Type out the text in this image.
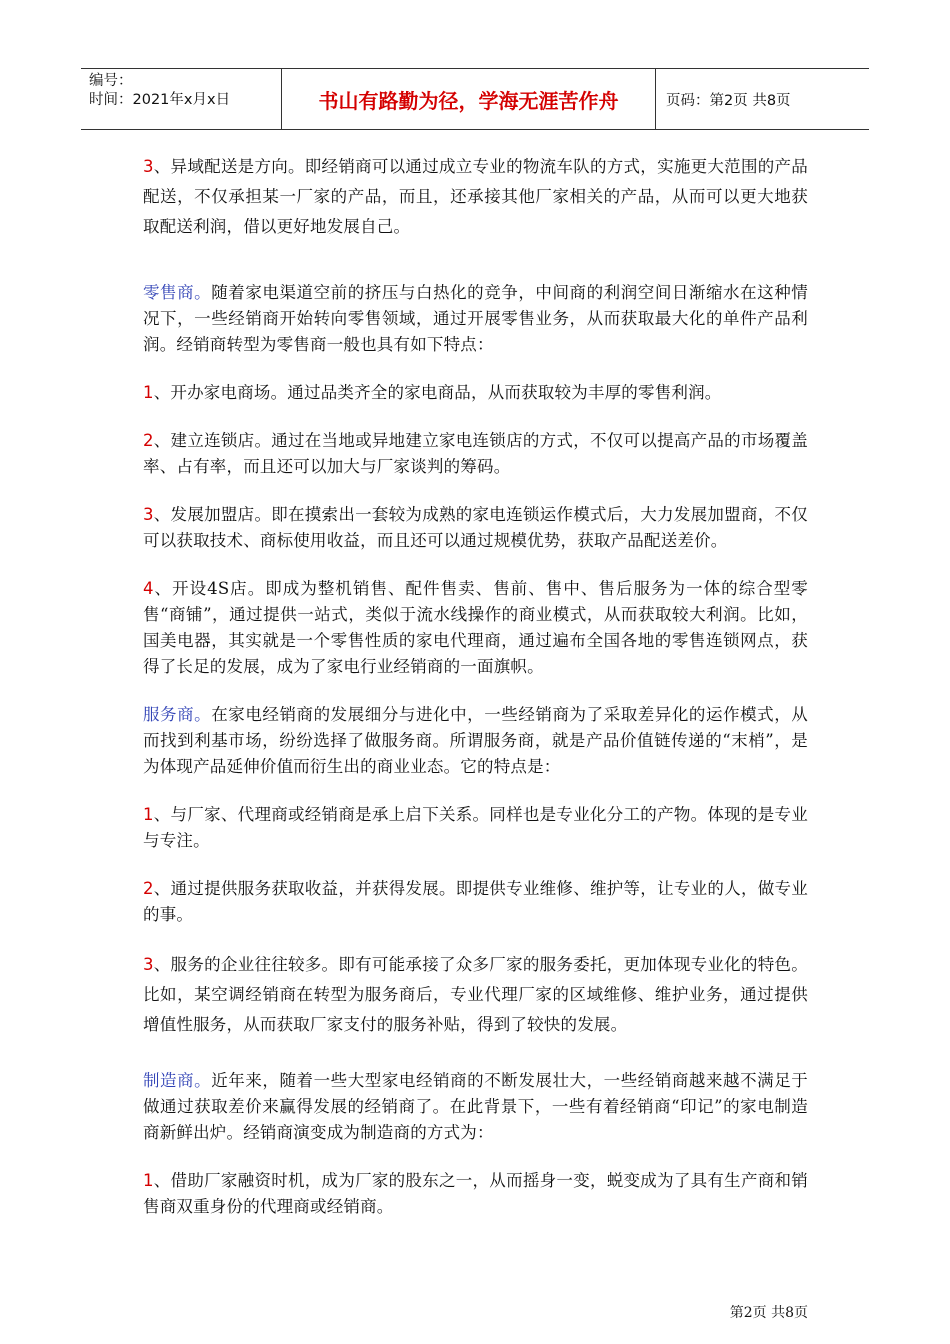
编号：
时间：2021年x月x日	书山有路勤为径，学海无涯苦作舟	页码：第2页 共8页

3、异域配送是方向。即经销商可以通过成立专业的物流车队的方式，实施更大范围的产品配送，不仅承担某一厂家的产品，而且，还承接其他厂家相关的产品，从而可以更大地获取配送利润，借以更好地发展自己。

零售商。随着家电渠道空前的挤压与白热化的竞争，中间商的利润空间日渐缩水在这种情况下，一些经销商开始转向零售领域，通过开展零售业务，从而获取最大化的单件产品利润。经销商转型为零售商一般也具有如下特点：

1、开办家电商场。通过品类齐全的家电商品，从而获取较为丰厚的零售利润。

2、建立连锁店。通过在当地或异地建立家电连锁店的方式，不仅可以提高产品的市场覆盖率、占有率，而且还可以加大与厂家谈判的筹码。

3、发展加盟店。即在摸索出一套较为成熟的家电连锁运作模式后，大力发展加盟商，不仅可以获取技术、商标使用收益，而且还可以通过规模优势，获取产品配送差价。

4、开设4S店。即成为整机销售、配件售卖、售前、售中、售后服务为一体的综合型零售“商铺”，通过提供一站式，类似于流水线操作的商业模式，从而获取较大利润。比如，国美电器，其实就是一个零售性质的家电代理商，通过遍布全国各地的零售连锁网点，获得了长足的发展，成为了家电行业经销商的一面旗帜。

服务商。在家电经销商的发展细分与进化中，一些经销商为了采取差异化的运作模式，从而找到利基市场，纷纷选择了做服务商。所谓服务商，就是产品价值链传递的“末梢”，是为体现产品延伸价值而衍生出的商业业态。它的特点是：

1、与厂家、代理商或经销商是承上启下关系。同样也是专业化分工的产物。体现的是专业与专注。

2、通过提供服务获取收益，并获得发展。即提供专业维修、维护等，让专业的人，做专业的事。

3、服务的企业往往较多。即有可能承接了众多厂家的服务委托，更加体现专业化的特色。比如，某空调经销商在转型为服务商后，专业代理厂家的区域维修、维护业务，通过提供增值性服务，从而获取厂家支付的服务补贴，得到了较快的发展。

制造商。近年来，随着一些大型家电经销商的不断发展壮大，一些经销商越来越不满足于做通过获取差价来赢得发展的经销商了。在此背景下，一些有着经销商“印记”的家电制造商新鲜出炉。经销商演变成为制造商的方式为：

1、借助厂家融资时机，成为厂家的股东之一，从而摇身一变，蜕变成为了具有生产商和销售商双重身份的代理商或经销商。

第2页 共8页
